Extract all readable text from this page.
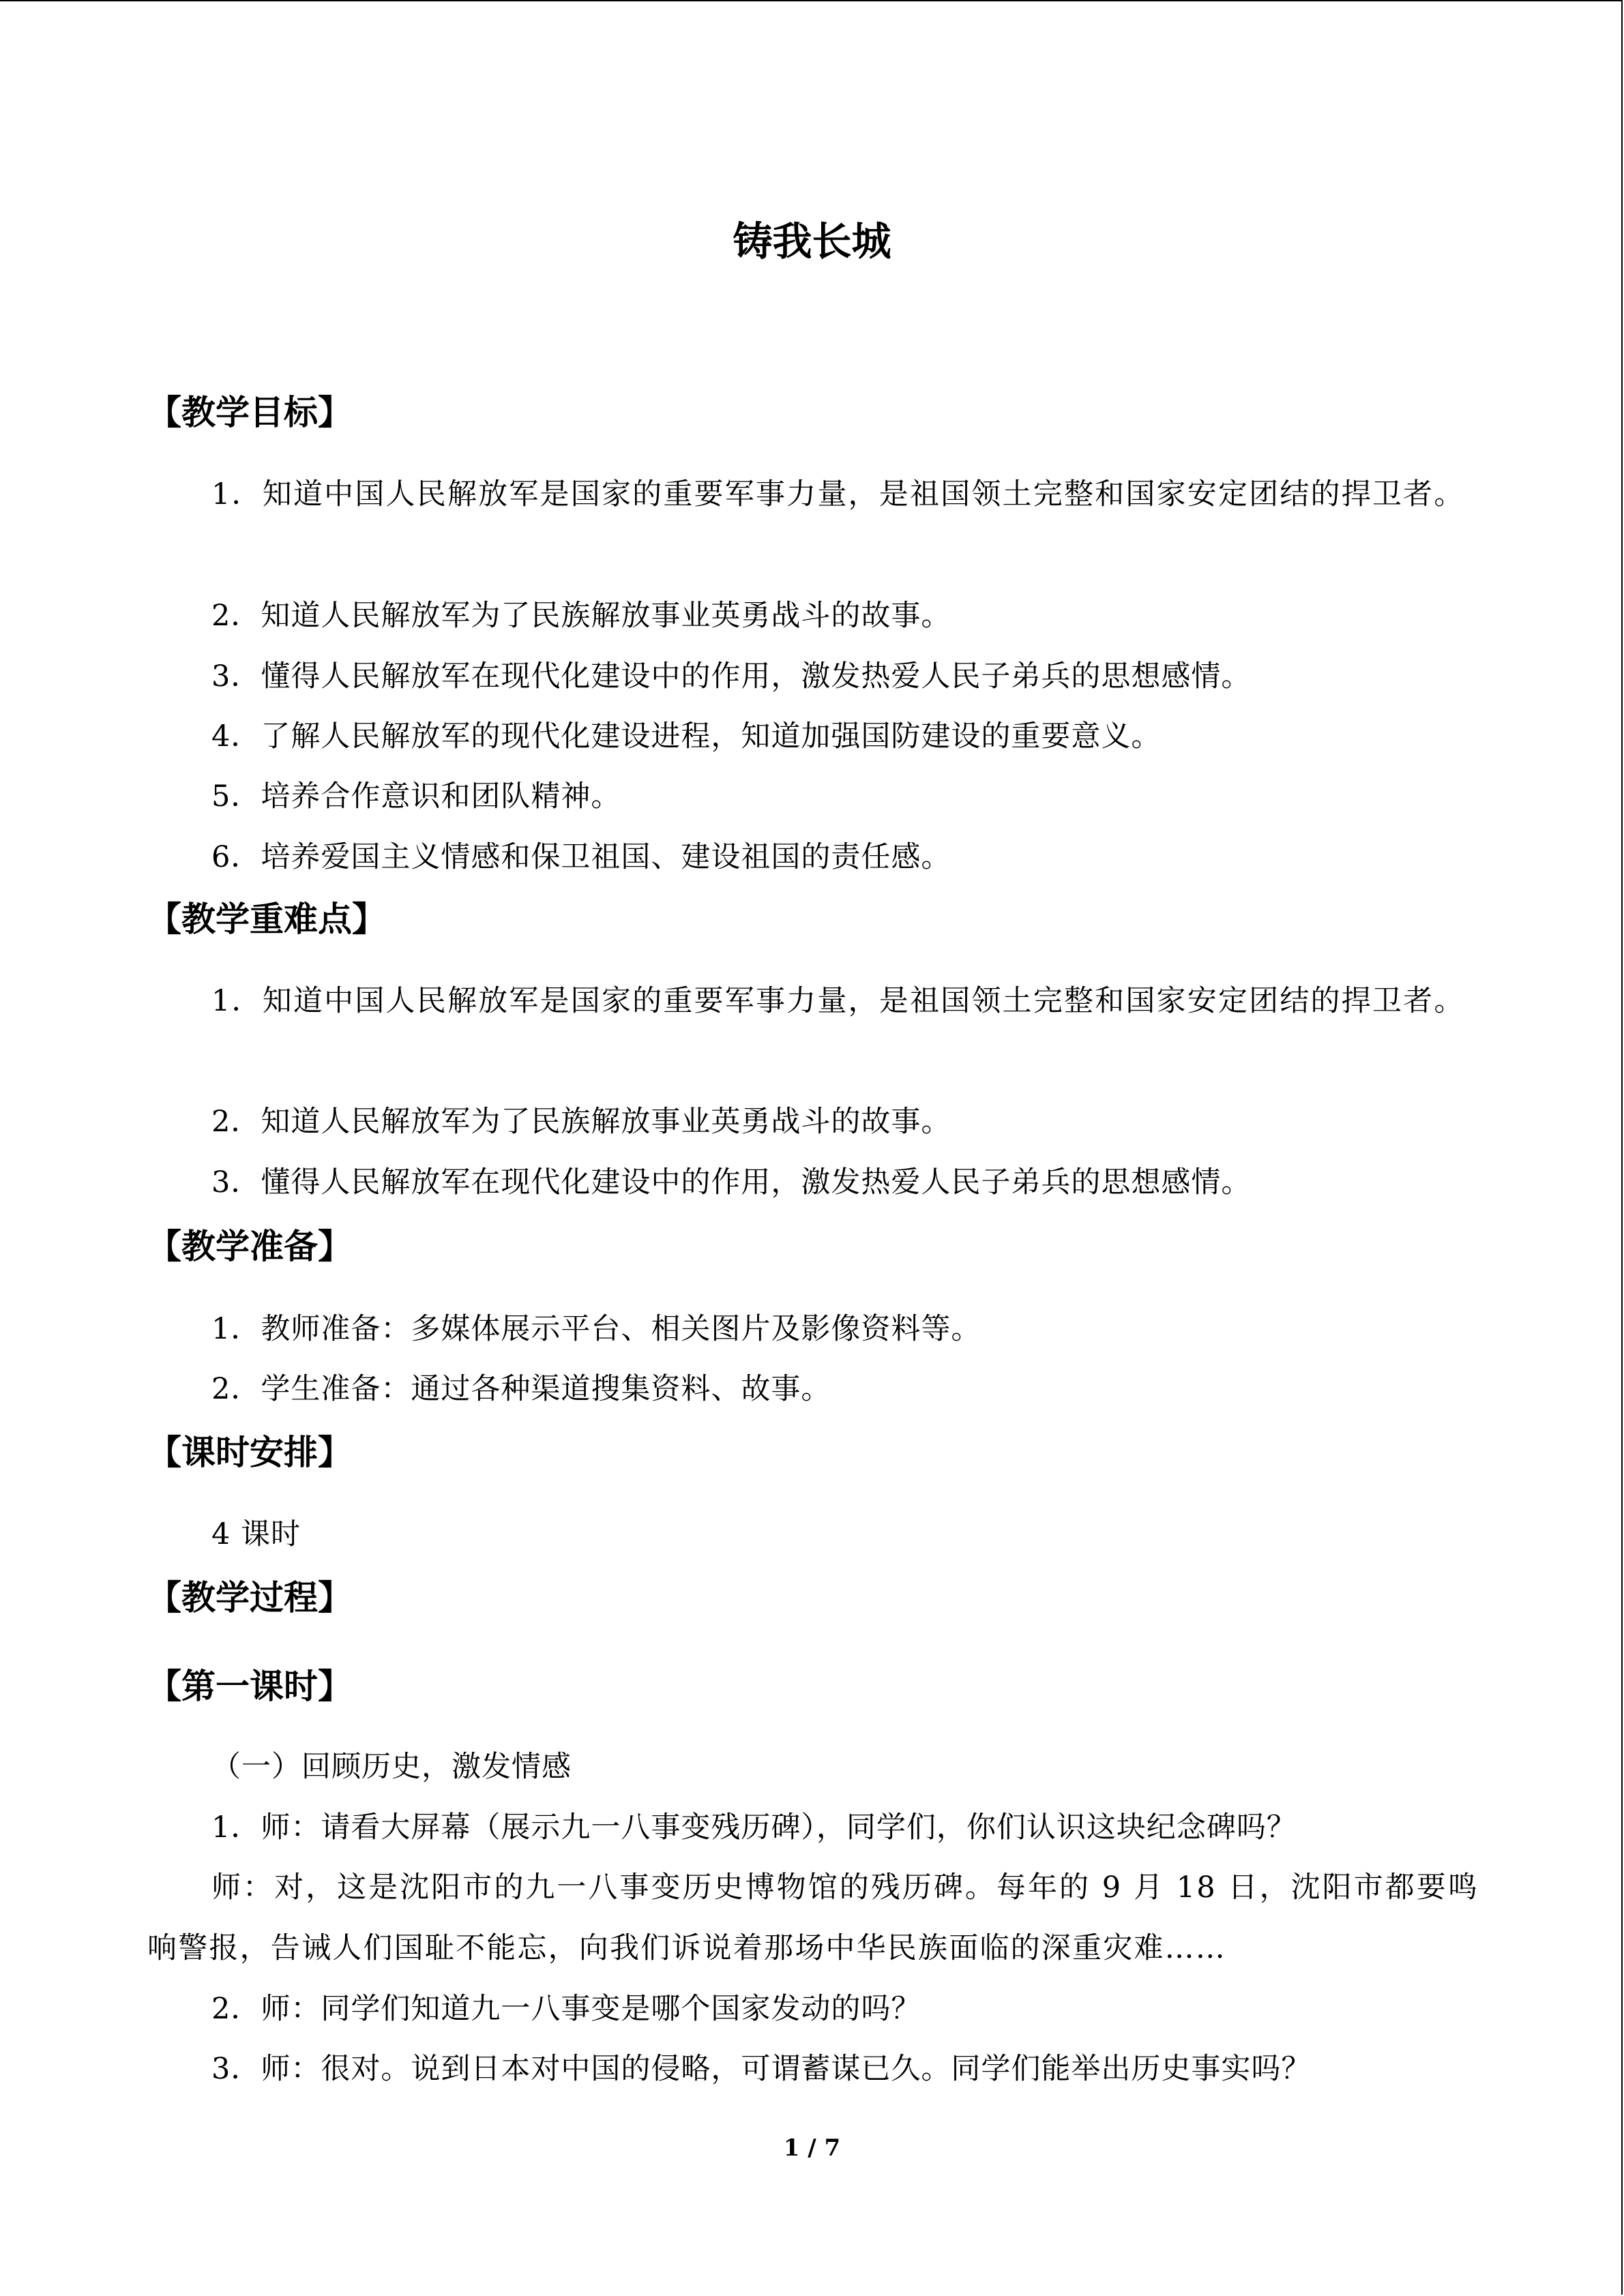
铸我长城
【教学目标】

1．知道中国人民解放军是国家的重要军事力量，是祖国领土完整和国家安定团结的捍卫者。

2．知道人民解放军为了民族解放事业英勇战斗的故事。

3．懂得人民解放军在现代化建设中的作用，激发热爱人民子弟兵的思想感情。

4．了解人民解放军的现代化建设进程，知道加强国防建设的重要意义。

5．培养合作意识和团队精神。

6．培养爱国主义情感和保卫祖国、建设祖国的责任感。

【教学重难点】

1．知道中国人民解放军是国家的重要军事力量，是祖国领土完整和国家安定团结的捍卫者。

2．知道人民解放军为了民族解放事业英勇战斗的故事。

3．懂得人民解放军在现代化建设中的作用，激发热爱人民子弟兵的思想感情。

【教学准备】

1．教师准备：多媒体展示平台、相关图片及影像资料等。

2．学生准备：通过各种渠道搜集资料、故事。

【课时安排】

4 课时

【教学过程】
【第一课时】

（一）回顾历史，激发情感

1．师：请看大屏幕（展示九一八事变残历碑），同学们，你们认识这块纪念碑吗？

师：对，这是沈阳市的九一八事变历史博物馆的残历碑。每年的 9 月 18 日，沈阳市都要鸣响警报，告诫人们国耻不能忘，向我们诉说着那场中华民族面临的深重灾难……

2．师：同学们知道九一八事变是哪个国家发动的吗？

3．师：很对。说到日本对中国的侵略，可谓蓄谋已久。同学们能举出历史事实吗？

1 / 7
